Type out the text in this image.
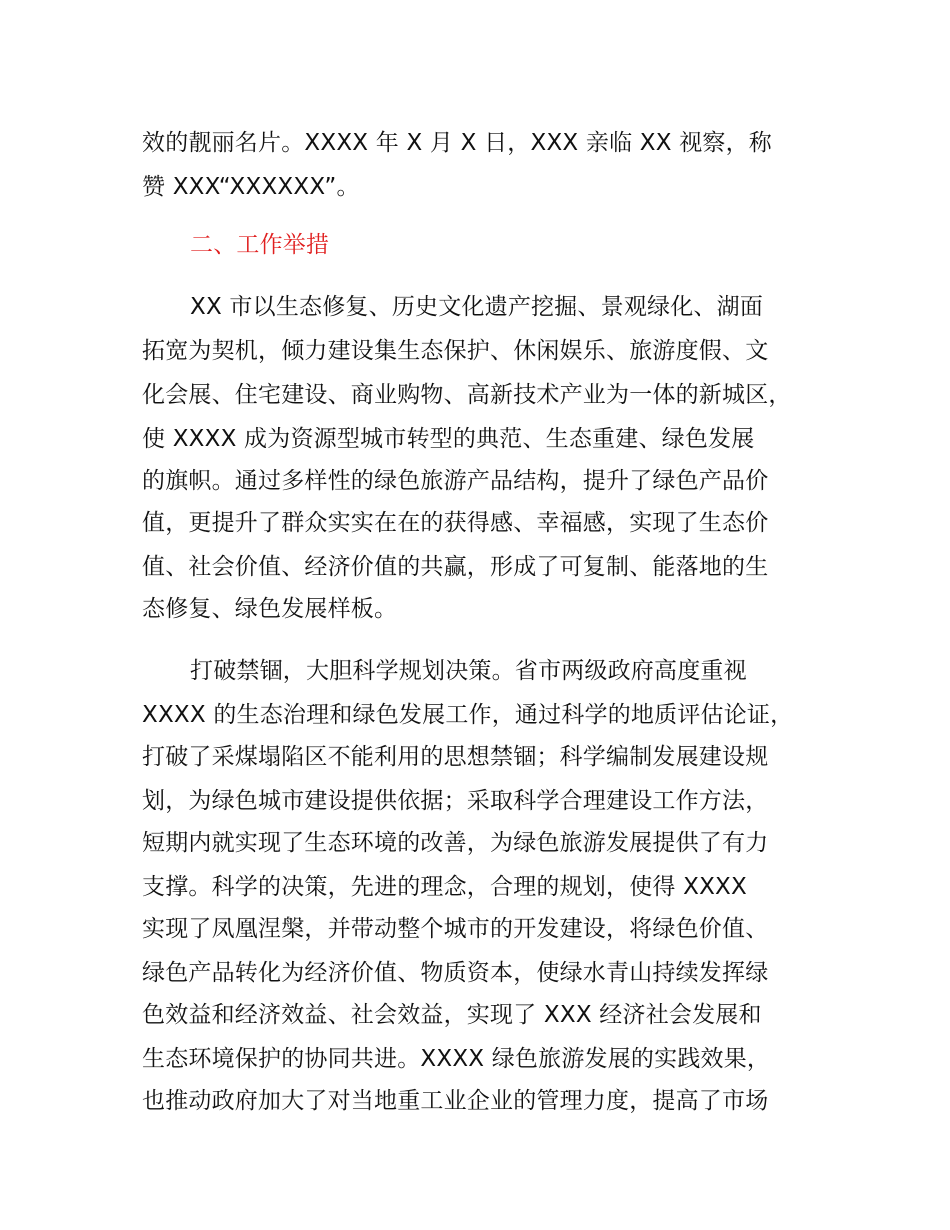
效的靓丽名片。XXXX 年 X 月 X 日，XXX 亲临 XX 视察，称
赞 XXX“XXXXXX”。
二、工作举措
XX 市以生态修复、历史文化遗产挖掘、景观绿化、湖面
拓宽为契机，倾力建设集生态保护、休闲娱乐、旅游度假、文
化会展、住宅建设、商业购物、高新技术产业为一体的新城区，
使 XXXX 成为资源型城市转型的典范、生态重建、绿色发展
的旗帜。通过多样性的绿色旅游产品结构，提升了绿色产品价
值，更提升了群众实实在在的获得感、幸福感，实现了生态价
值、社会价值、经济价值的共赢，形成了可复制、能落地的生
态修复、绿色发展样板。
打破禁锢，大胆科学规划决策。省市两级政府高度重视
XXXX 的生态治理和绿色发展工作，通过科学的地质评估论证，
打破了采煤塌陷区不能利用的思想禁锢；科学编制发展建设规
划，为绿色城市建设提供依据；采取科学合理建设工作方法，
短期内就实现了生态环境的改善，为绿色旅游发展提供了有力
支撑。科学的决策，先进的理念，合理的规划，使得 XXXX
实现了凤凰涅槃，并带动整个城市的开发建设，将绿色价值、
绿色产品转化为经济价值、物质资本，使绿水青山持续发挥绿
色效益和经济效益、社会效益，实现了 XXX 经济社会发展和
生态环境保护的协同共进。XXXX 绿色旅游发展的实践效果，
也推动政府加大了对当地重工业企业的管理力度，提高了市场
